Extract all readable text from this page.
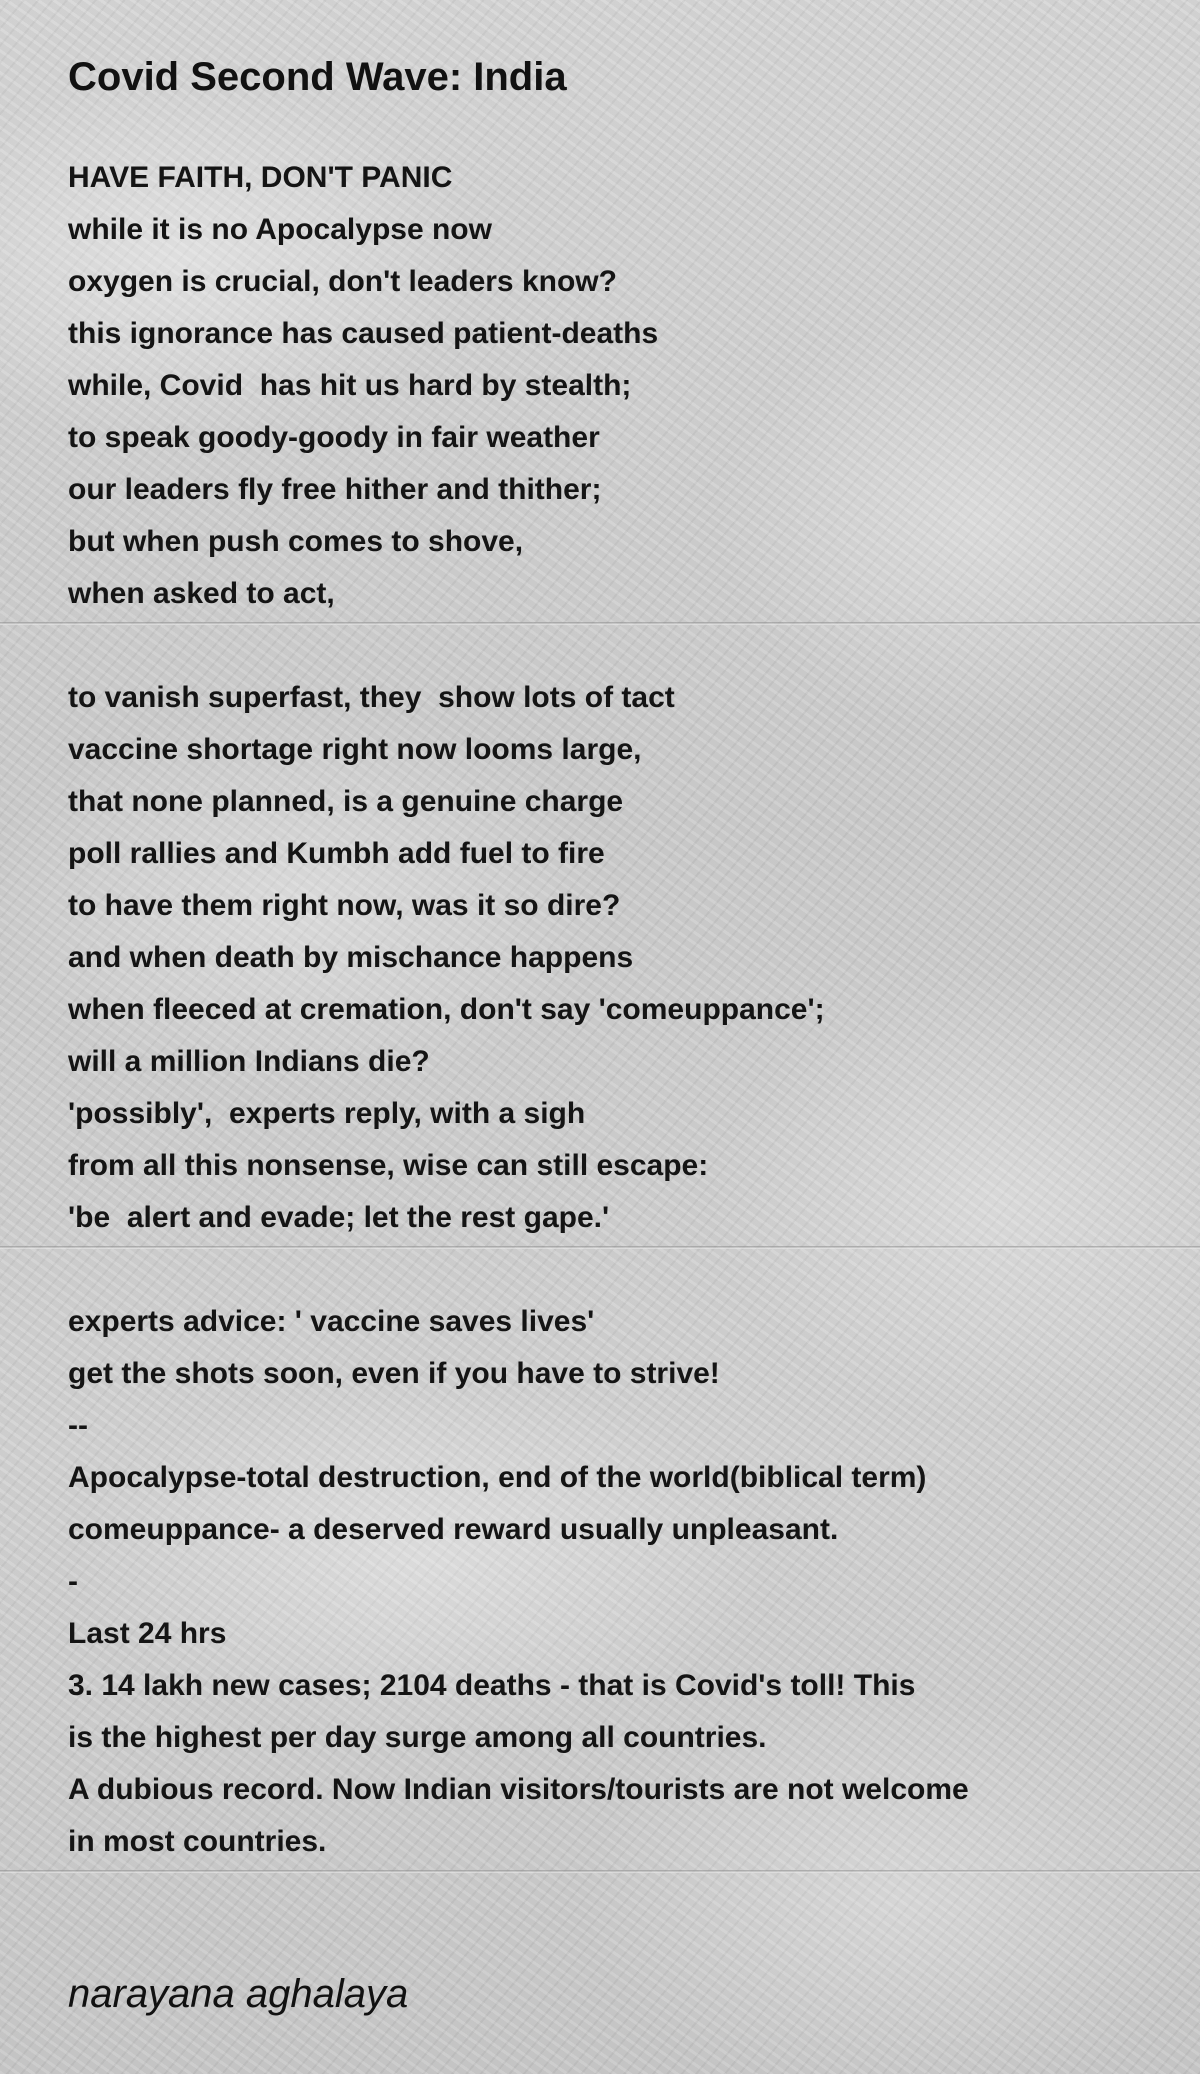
Covid Second Wave: India
HAVE FAITH, DON'T PANIC
while it is no Apocalypse now
oxygen is crucial, don't leaders know?
this ignorance has caused patient-deaths
while, Covid  has hit us hard by stealth;
to speak goody-goody in fair weather
our leaders fly free hither and thither;
but when push comes to shove,
when asked to act,
to vanish superfast, they  show lots of tact
vaccine shortage right now looms large,
that none planned, is a genuine charge
poll rallies and Kumbh add fuel to fire
to have them right now, was it so dire?
and when death by mischance happens
when fleeced at cremation, don't say 'comeuppance';
will a million Indians die?
'possibly',  experts reply, with a sigh
from all this nonsense, wise can still escape:
'be  alert and evade; let the rest gape.'
experts advice: ' vaccine saves lives'
get the shots soon, even if you have to strive!
--
Apocalypse-total destruction, end of the world(biblical term)
comeuppance- a deserved reward usually unpleasant.
-
Last 24 hrs
3. 14 lakh new cases; 2104 deaths - that is Covid's toll! This
is the highest per day surge among all countries.
A dubious record. Now Indian visitors/tourists are not welcome
in most countries.

narayana aghalaya
